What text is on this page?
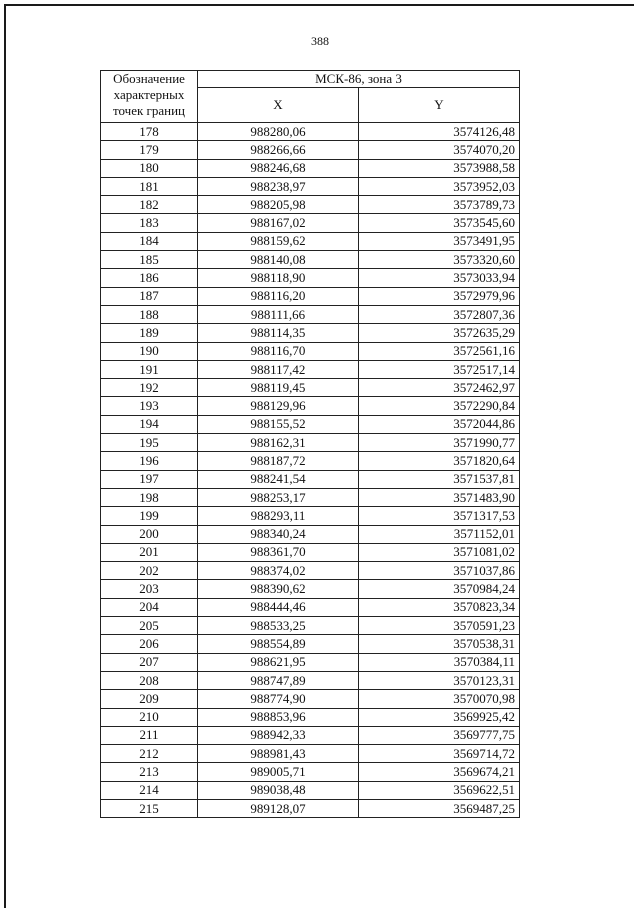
388
Обозначение характерных точек границ	МСК-86, зона 3	
	X	Y
178	988280,06	3574126,48
179	988266,66	3574070,20
180	988246,68	3573988,58
181	988238,97	3573952,03
182	988205,98	3573789,73
183	988167,02	3573545,60
184	988159,62	3573491,95
185	988140,08	3573320,60
186	988118,90	3573033,94
187	988116,20	3572979,96
188	988111,66	3572807,36
189	988114,35	3572635,29
190	988116,70	3572561,16
191	988117,42	3572517,14
192	988119,45	3572462,97
193	988129,96	3572290,84
194	988155,52	3572044,86
195	988162,31	3571990,77
196	988187,72	3571820,64
197	988241,54	3571537,81
198	988253,17	3571483,90
199	988293,11	3571317,53
200	988340,24	3571152,01
201	988361,70	3571081,02
202	988374,02	3571037,86
203	988390,62	3570984,24
204	988444,46	3570823,34
205	988533,25	3570591,23
206	988554,89	3570538,31
207	988621,95	3570384,11
208	988747,89	3570123,31
209	988774,90	3570070,98
210	988853,96	3569925,42
211	988942,33	3569777,75
212	988981,43	3569714,72
213	989005,71	3569674,21
214	989038,48	3569622,51
215	989128,07	3569487,25
